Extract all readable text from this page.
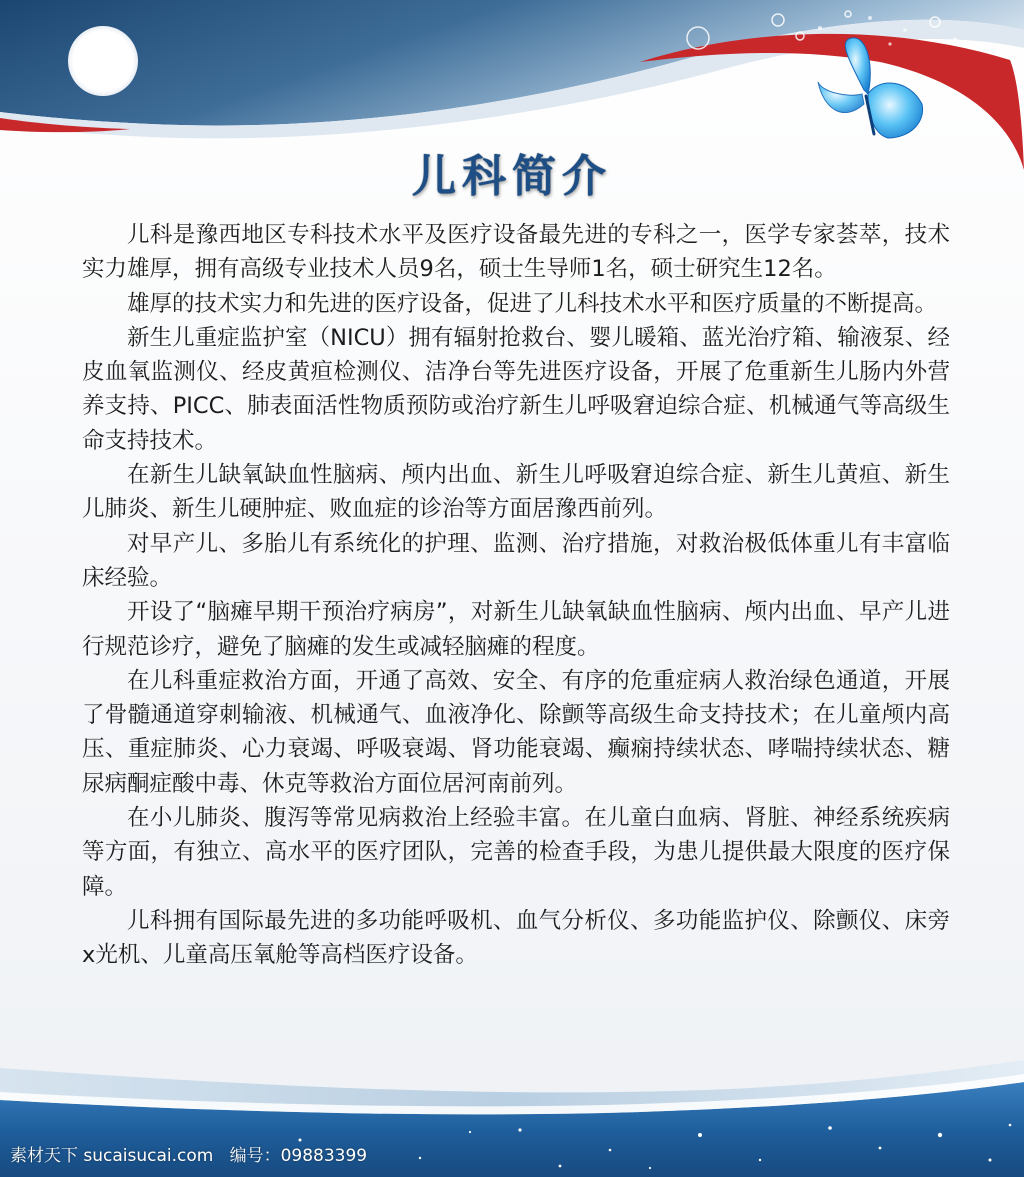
儿科简介

儿科是豫西地区专科技术水平及医疗设备最先进的专科之一，医学专家荟萃，技术实力雄厚，拥有高级专业技术人员9名，硕士生导师1名，硕士研究生12名。

雄厚的技术实力和先进的医疗设备，促进了儿科技术水平和医疗质量的不断提高。

新生儿重症监护室（NICU）拥有辐射抢救台、婴儿暖箱、蓝光治疗箱、输液泵、经皮血氧监测仪、经皮黄疸检测仪、洁净台等先进医疗设备，开展了危重新生儿肠内外营养支持、PICC、肺表面活性物质预防或治疗新生儿呼吸窘迫综合症、机械通气等高级生命支持技术。

在新生儿缺氧缺血性脑病、颅内出血、新生儿呼吸窘迫综合症、新生儿黄疸、新生儿肺炎、新生儿硬肿症、败血症的诊治等方面居豫西前列。

对早产儿、多胎儿有系统化的护理、监测、治疗措施，对救治极低体重儿有丰富临床经验。

开设了“脑瘫早期干预治疗病房”，对新生儿缺氧缺血性脑病、颅内出血、早产儿进行规范诊疗，避免了脑瘫的发生或减轻脑瘫的程度。

在儿科重症救治方面，开通了高效、安全、有序的危重症病人救治绿色通道，开展了骨髓通道穿刺输液、机械通气、血液净化、除颤等高级生命支持技术；在儿童颅内高压、重症肺炎、心力衰竭、呼吸衰竭、肾功能衰竭、癫痫持续状态、哮喘持续状态、糖尿病酮症酸中毒、休克等救治方面位居河南前列。

在小儿肺炎、腹泻等常见病救治上经验丰富。在儿童白血病、肾脏、神经系统疾病等方面，有独立、高水平的医疗团队，完善的检查手段，为患儿提供最大限度的医疗保障。

儿科拥有国际最先进的多功能呼吸机、血气分析仪、多功能监护仪、除颤仪、床旁x光机、儿童高压氧舱等高档医疗设备。

素材天下 sucaisucai.com 编号：09883399
